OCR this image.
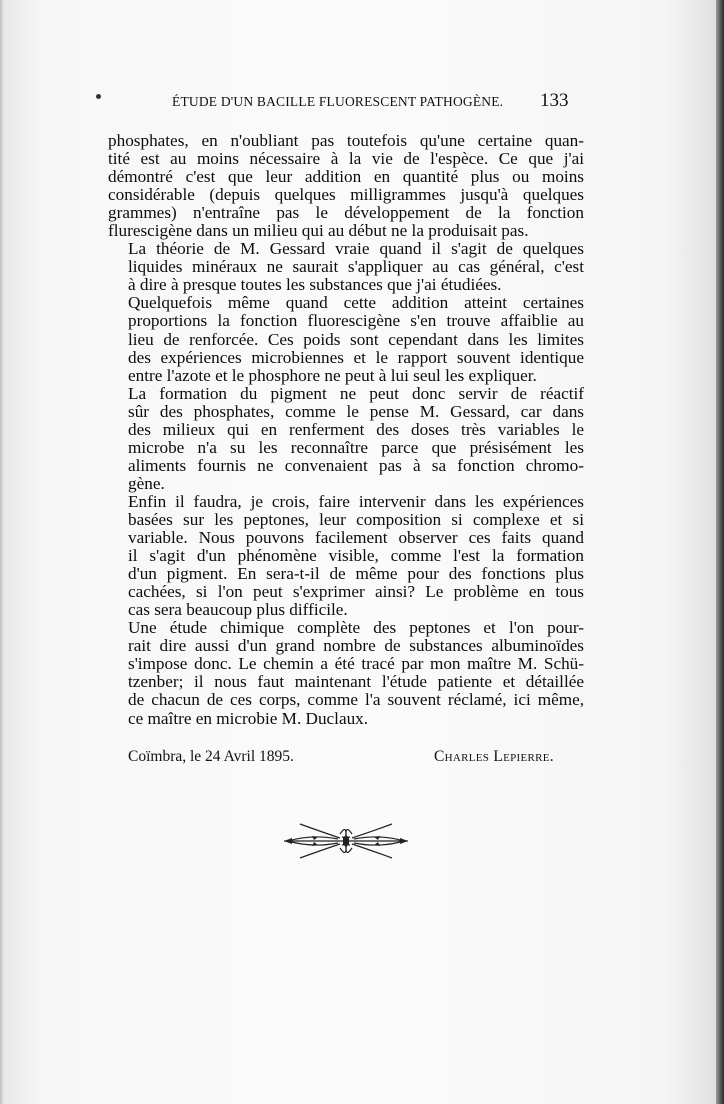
ÉTUDE D'UN BACILLE FLUORESCENT PATHOGÈNE.	133

phosphates, en n'oubliant pas toutefois qu'une certaine quan-
tité est au moins nécessaire à la vie de l'espèce. Ce que j'ai
démontré c'est que leur addition en quantité plus ou moins
considérable (depuis quelques milligrammes jusqu'à quelques
grammes) n'entraîne pas le développement de la fonction
flurescigène dans un milieu qui au début ne la produisait pas.

La théorie de M. Gessard vraie quand il s'agit de quelques
liquides minéraux ne saurait s'appliquer au cas général, c'est
à dire à presque toutes les substances que j'ai étudiées.

Quelquefois même quand cette addition atteint certaines
proportions la fonction fluorescigène s'en trouve affaiblie au
lieu de renforcée. Ces poids sont cependant dans les limites
des expériences microbiennes et le rapport souvent identique
entre l'azote et le phosphore ne peut à lui seul les expliquer.

La formation du pigment ne peut donc servir de réactif
sûr des phosphates, comme le pense M. Gessard, car dans
des milieux qui en renferment des doses très variables le
microbe n'a su les reconnaître parce que présisément les
aliments fournis ne convenaient pas à sa fonction chromo-
gène.

Enfin il faudra, je crois, faire intervenir dans les expériences
basées sur les peptones, leur composition si complexe et si
variable. Nous pouvons facilement observer ces faits quand
il s'agit d'un phénomène visible, comme l'est la formation
d'un pigment. En sera-t-il de même pour des fonctions plus
cachées, si l'on peut s'exprimer ainsi? Le problème en tous
cas sera beaucoup plus difficile.

Une étude chimique complète des peptones et l'on pour-
rait dire aussi d'un grand nombre de substances albuminoïdes
s'impose donc. Le chemin a été tracé par mon maître M. Schü-
tzenber; il nous faut maintenant l'étude patiente et détaillée
de chacun de ces corps, comme l'a souvent réclamé, ici même,
ce maître en microbie M. Duclaux.

Coïmbra, le 24 Avril 1895.	Charles Lepierre.
